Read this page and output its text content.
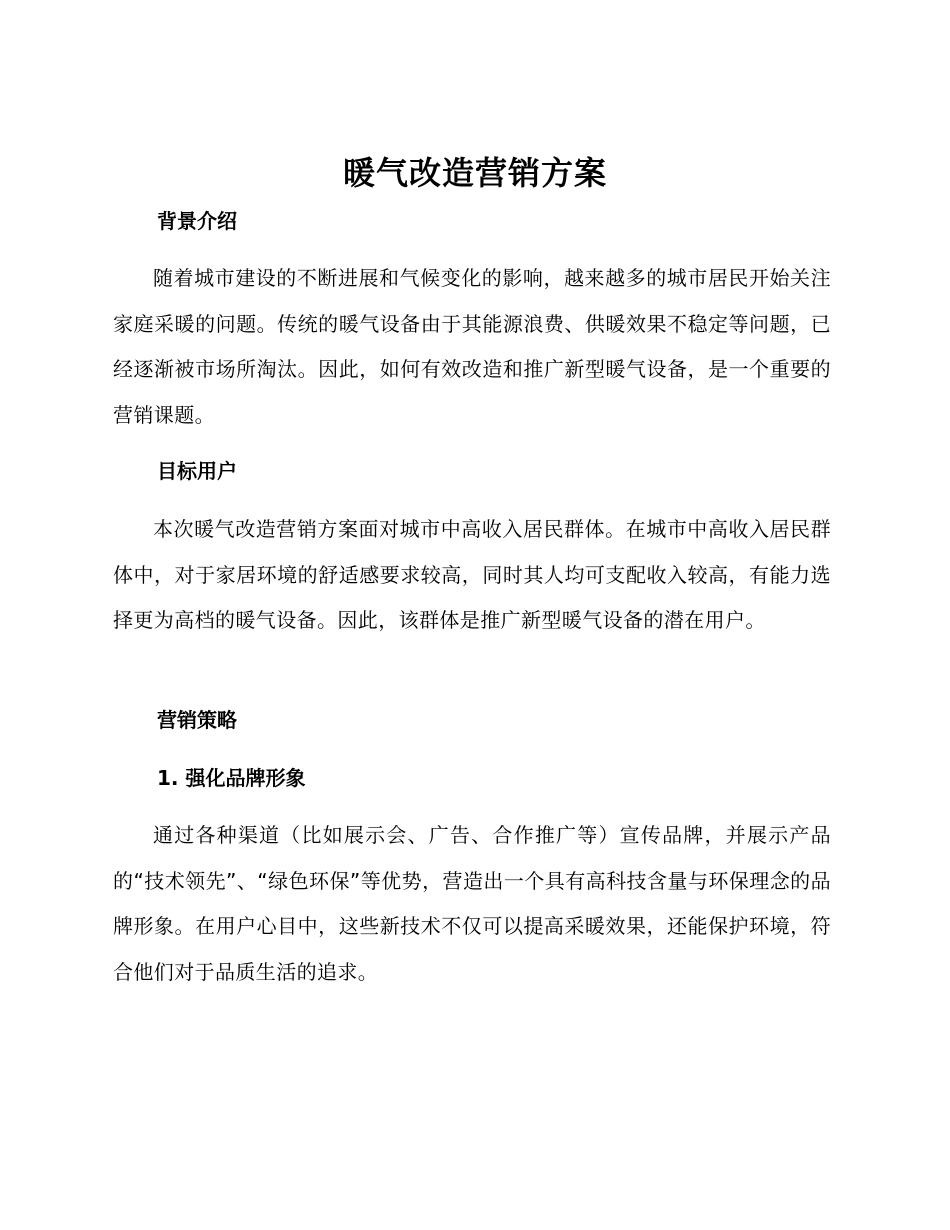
暖气改造营销方案
背景介绍
随着城市建设的不断进展和气候变化的影响，越来越多的城市居民开始关注家庭采暖的问题。传统的暖气设备由于其能源浪费、供暖效果不稳定等问题，已经逐渐被市场所淘汰。因此，如何有效改造和推广新型暖气设备，是一个重要的营销课题。
目标用户
本次暖气改造营销方案面对城市中高收入居民群体。在城市中高收入居民群体中，对于家居环境的舒适感要求较高，同时其人均可支配收入较高，有能力选择更为高档的暖气设备。因此，该群体是推广新型暖气设备的潜在用户。
营销策略
1. 强化品牌形象
通过各种渠道（比如展示会、广告、合作推广等）宣传品牌，并展示产品的“技术领先”、“绿色环保”等优势，营造出一个具有高科技含量与环保理念的品牌形象。在用户心目中，这些新技术不仅可以提高采暖效果，还能保护环境，符合他们对于品质生活的追求。
